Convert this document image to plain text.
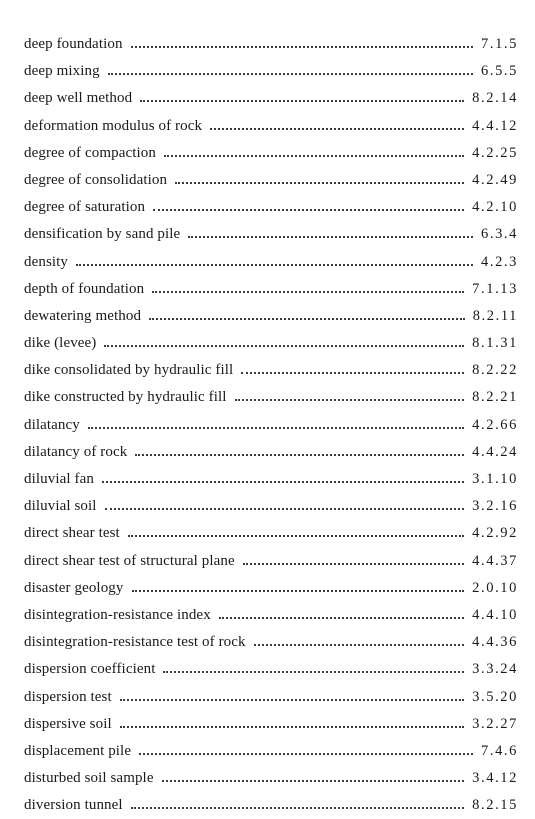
deep foundation	7.1.5
deep mixing	6.5.5
deep well method	8.2.14
deformation modulus of rock	4.4.12
degree of compaction	4.2.25
degree of consolidation	4.2.49
degree of saturation	4.2.10
densification by sand pile	6.3.4
density	4.2.3
depth of foundation	7.1.13
dewatering method	8.2.11
dike (levee)	8.1.31
dike consolidated by hydraulic fill	8.2.22
dike constructed by hydraulic fill	8.2.21
dilatancy	4.2.66
dilatancy of rock	4.4.24
diluvial fan	3.1.10
diluvial soil	3.2.16
direct shear test	4.2.92
direct shear test of structural plane	4.4.37
disaster geology	2.0.10
disintegration-resistance index	4.4.10
disintegration-resistance test of rock	4.4.36
dispersion coefficient	3.3.24
dispersion test	3.5.20
dispersive soil	3.2.27
displacement pile	7.4.6
disturbed soil sample	3.4.12
diversion tunnel	8.2.15
